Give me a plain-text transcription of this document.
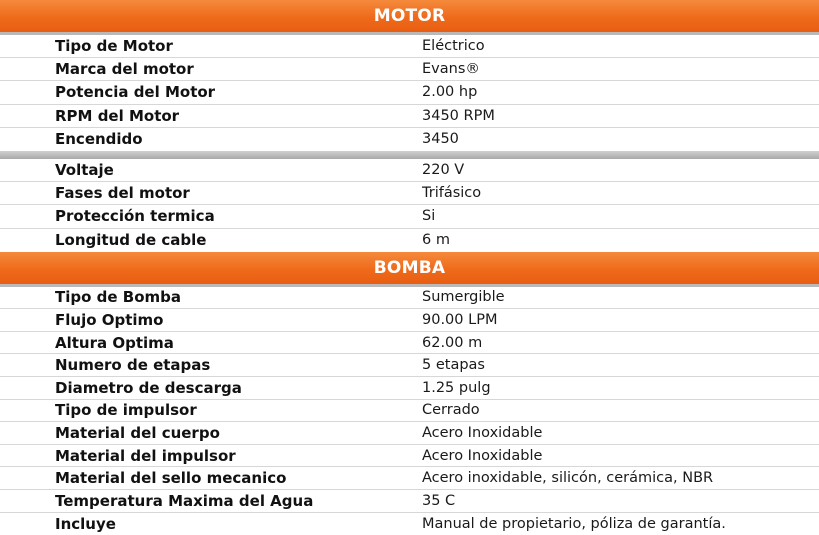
MOTOR
Tipo de Motor	Eléctrico
Marca del motor	Evans®
Potencia del Motor	2.00 hp
RPM del Motor	3450 RPM
Encendido	3450
Voltaje	220 V
Fases del motor	Trifásico
Protección termica	Si
Longitud de cable	6 m
BOMBA
Tipo de Bomba	Sumergible
Flujo Optimo	90.00 LPM
Altura Optima	62.00 m
Numero de etapas	5 etapas
Diametro de descarga	1.25 pulg
Tipo de impulsor	Cerrado
Material del cuerpo	Acero Inoxidable
Material del impulsor	Acero Inoxidable
Material del sello mecanico	Acero inoxidable, silicón, cerámica, NBR
Temperatura Maxima del Agua	35 C
Incluye	Manual de propietario, póliza de garantía.
